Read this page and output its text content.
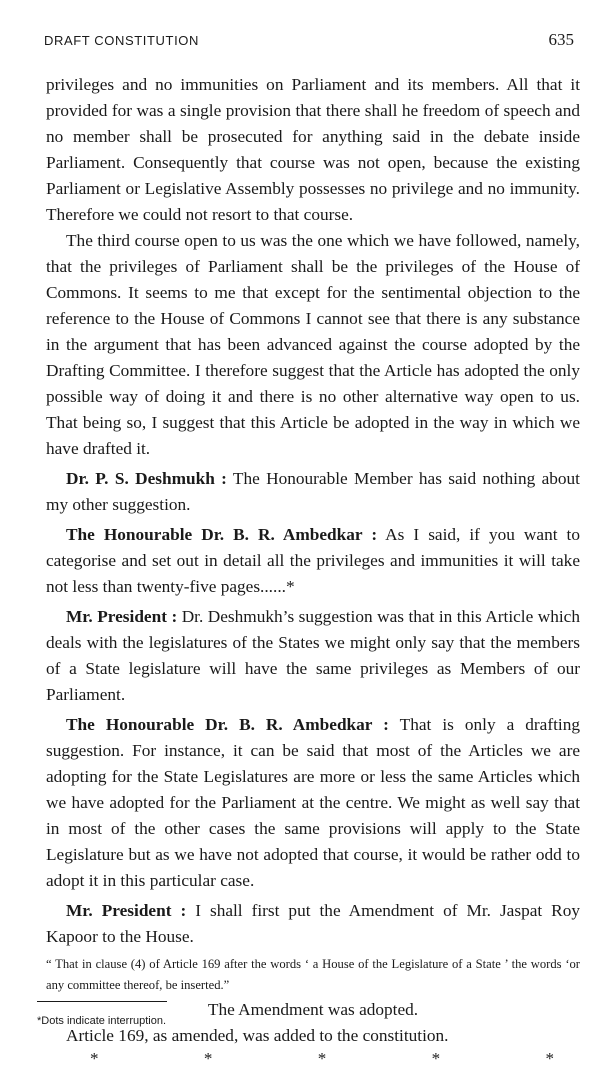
DRAFT CONSTITUTION	635

privileges and no immunities on Parliament and its members. All that it provided for was a single provision that there shall he freedom of speech and no member shall be prosecuted for anything said in the debate inside Parliament. Consequently that course was not open, because the existing Parliament or Legislative Assembly possesses no privilege and no immunity. Therefore we could not resort to that course.

The third course open to us was the one which we have followed, namely, that the privileges of Parliament shall be the privileges of the House of Commons. It seems to me that except for the sentimental objection to the reference to the House of Commons I cannot see that there is any substance in the argument that has been advanced against the course adopted by the Drafting Committee. I therefore suggest that the Article has adopted the only possible way of doing it and there is no other alternative way open to us. That being so, I suggest that this Article be adopted in the way in which we have drafted it.

Dr. P. S. Deshmukh : The Honourable Member has said nothing about my other suggestion.

The Honourable Dr. B. R. Ambedkar : As I said, if you want to categorise and set out in detail all the privileges and immunities it will take not less than twenty-five pages......*

Mr. President : Dr. Deshmukh’s suggestion was that in this Article which deals with the legislatures of the States we might only say that the members of a State legislature will have the same privileges as Members of our Parliament.

The Honourable Dr. B. R. Ambedkar : That is only a drafting suggestion. For instance, it can be said that most of the Articles we are adopting for the State Legislatures are more or less the same Articles which we have adopted for the Parliament at the centre. We might as well say that in most of the other cases the same provisions will apply to the State Legislature but as we have not adopted that course, it would be rather odd to adopt it in this particular case.

Mr. President : I shall first put the Amendment of Mr. Jaspat Roy Kapoor to the House.

“ That in clause (4) of Article 169 after the words ‘ a House of the Legislature of a State ’ the words ‘or any committee thereof, be inserted.”

The Amendment was adopted.

Article 169, as amended, was added to the constitution.

*	*	*	*	*
*Dots indicate interruption.
